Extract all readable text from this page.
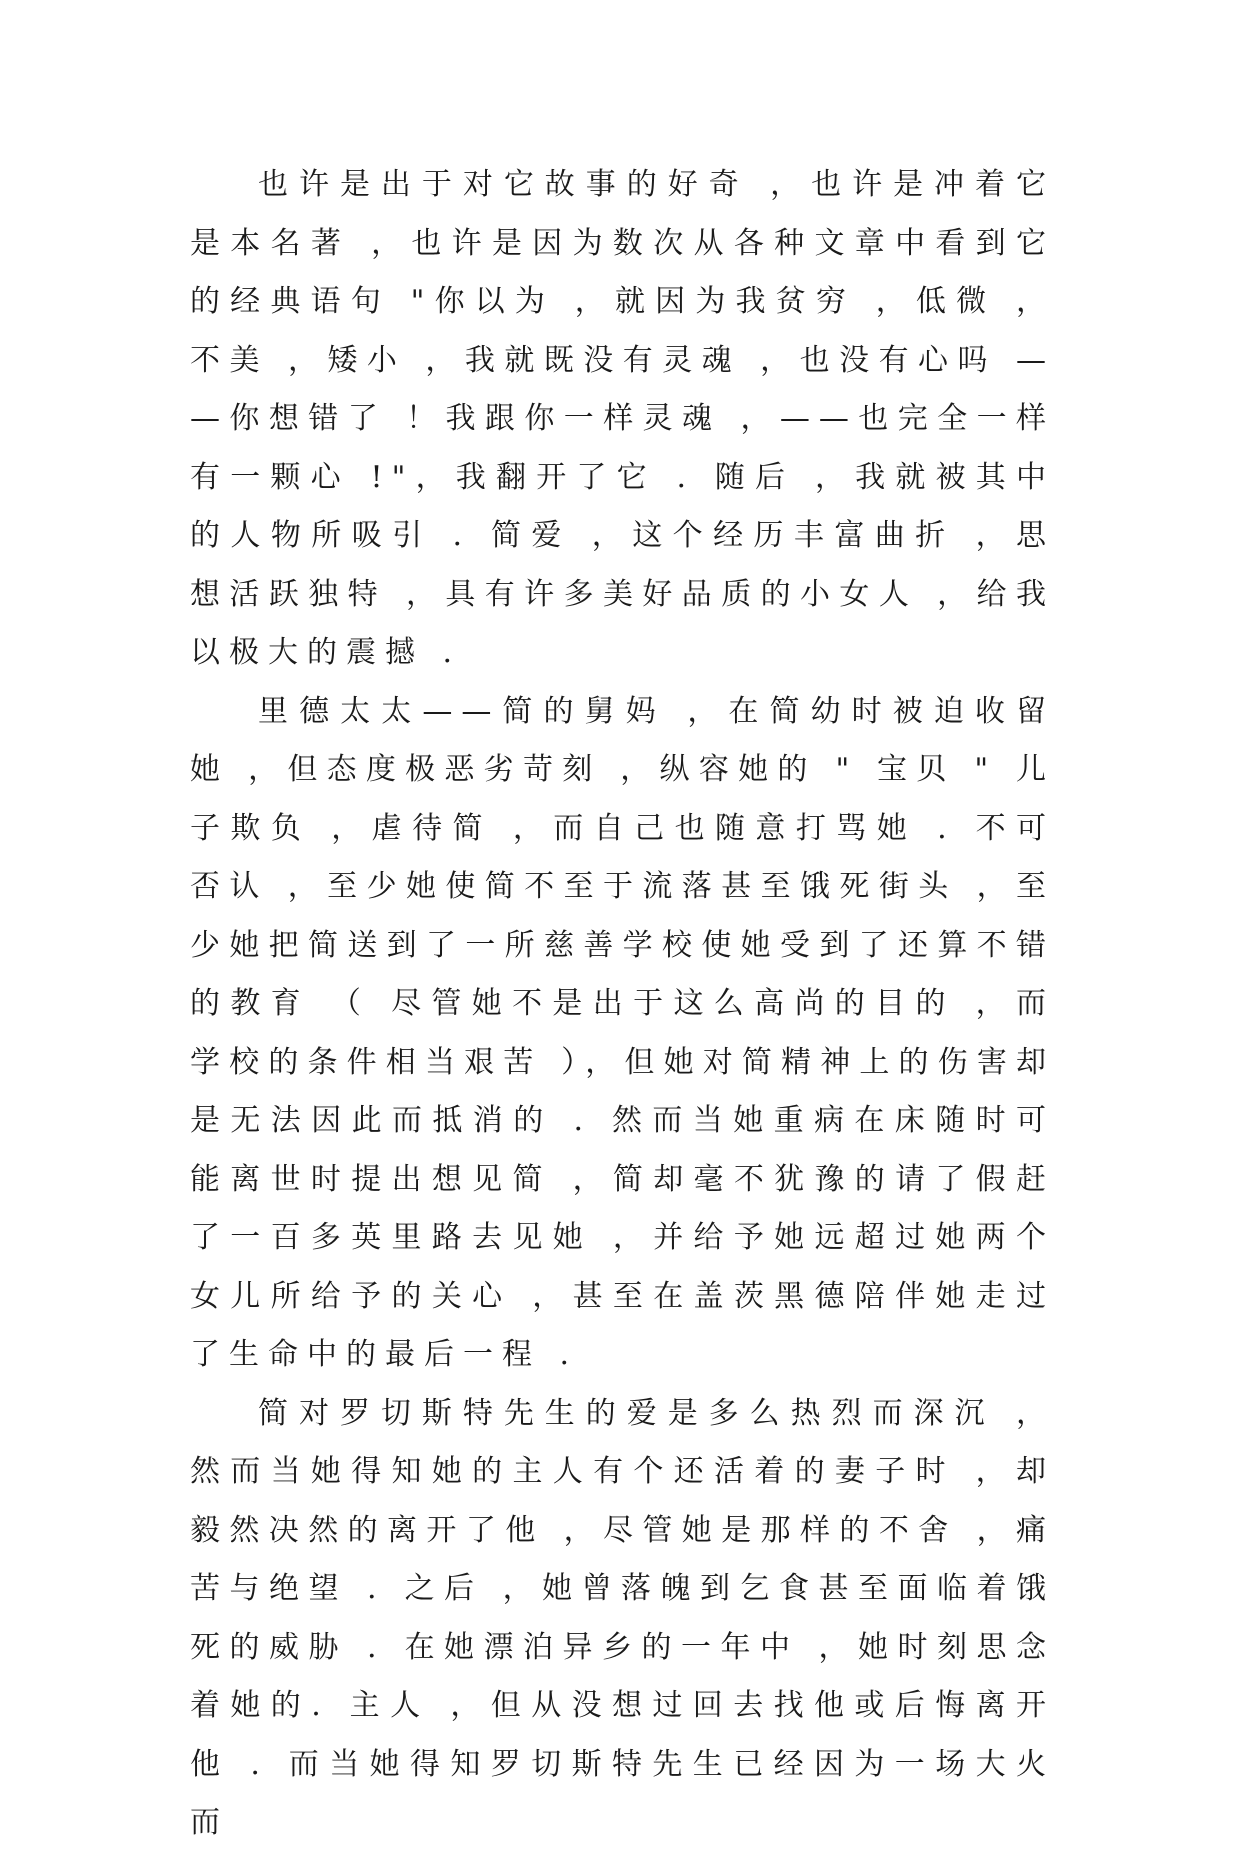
也许是出于对它故事的好奇 ，也许是冲着它是本名著 ，也许是因为数次从各种文章中看到它的经典语句 "你以为 ，就因为我贫穷 ，低微 ，不美 ，矮小 ，我就既没有灵魂 ，也没有心吗 ——你想错了 ！我跟你一样灵魂 ，——也完全一样有一颗心 !"，我翻开了它 . 随后 ，我就被其中的人物所吸引 . 简爱 ，这个经历丰富曲折 ，思想活跃独特 ，具有许多美好品质的小女人 ，给我以极大的震撼 .

里德太太——简的舅妈 ，在简幼时被迫收留她 ，但态度极恶劣苛刻 ，纵容她的 " 宝贝 " 儿子欺负 ，虐待简 ，而自己也随意打骂她 . 不可否认 ，至少她使简不至于流落甚至饿死街头 ，至少她把简送到了一所慈善学校使她受到了还算不错的教育 （ 尽管她不是出于这么高尚的目的 ，而学校的条件相当艰苦 ），但她对简精神上的伤害却是无法因此而抵消的 . 然而当她重病在床随时可能离世时提出想见简 ，简却毫不犹豫的请了假赶了一百多英里路去见她 ，并给予她远超过她两个女儿所给予的关心 ，甚至在盖茨黑德陪伴她走过了生命中的最后一程 .

简对罗切斯特先生的爱是多么热烈而深沉 ，然而当她得知她的主人有个还活着的妻子时 ，却毅然决然的离开了他 ，尽管她是那样的不舍 ，痛苦与绝望 . 之后 ，她曾落魄到乞食甚至面临着饿死的威胁 . 在她漂泊异乡的一年中 ，她时刻思念着她的. 主人 ，但从没想过回去找他或后悔离开他 . 而当她得知罗切斯特先生已经因为一场大火而
